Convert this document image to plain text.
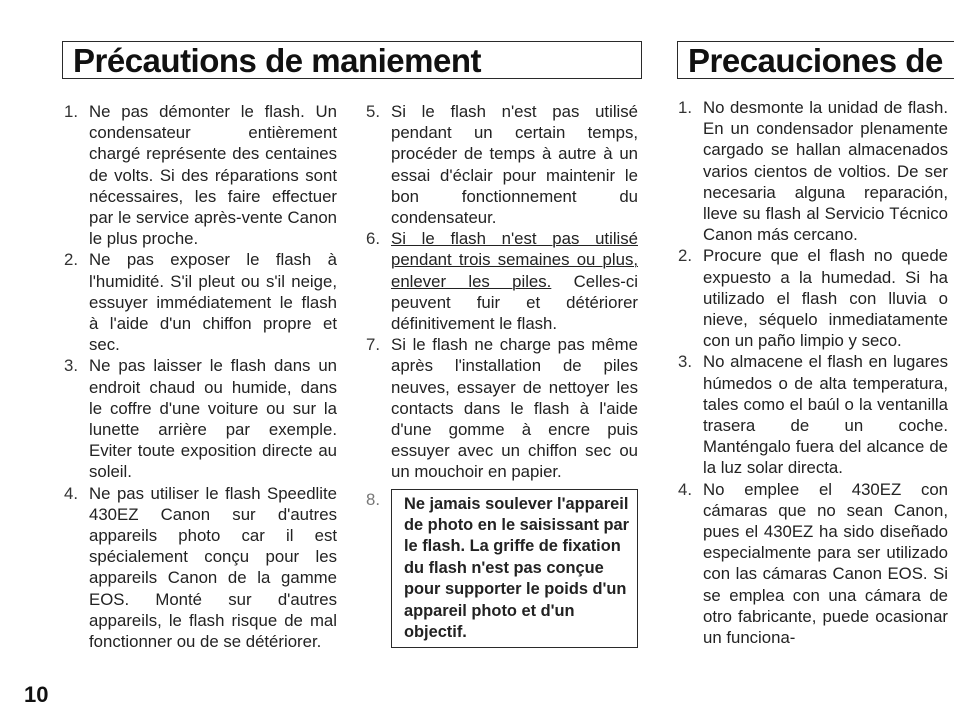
Précautions de maniement	Precauciones de
1. Ne pas démonter le flash. Un condensateur entièrement chargé représente des centaines de volts. Si des réparations sont nécessaires, les faire effectuer par le service après-vente Canon le plus proche.
2. Ne pas exposer le flash à l'humidité. S'il pleut ou s'il neige, essuyer immédiatement le flash à l'aide d'un chiffon propre et sec.
3. Ne pas laisser le flash dans un endroit chaud ou humide, dans le coffre d'une voiture ou sur la lunette arrière par exemple. Eviter toute exposition directe au soleil.
4. Ne pas utiliser le flash Speedlite 430EZ Canon sur d'autres appareils photo car il est spécialement conçu pour les appareils Canon de la gamme EOS. Monté sur d'autres appareils, le flash risque de mal fonctionner ou de se détériorer.
5. Si le flash n'est pas utilisé pendant un certain temps, procéder de temps à autre à un essai d'éclair pour maintenir le bon fonctionnement du condensateur.
6. Si le flash n'est pas utilisé pendant trois semaines ou plus, enlever les piles. Celles-ci peuvent fuir et détériorer définitivement le flash.
7. Si le flash ne charge pas même après l'installation de piles neuves, essayer de nettoyer les contacts dans le flash à l'aide d'une gomme à encre puis essuyer avec un chiffon sec ou un mouchoir en papier.
8.	Ne jamais soulever l'appareil de photo en le saisissant par le flash. La griffe de fixation du flash n'est pas conçue pour supporter le poids d'un appareil photo et d'un objectif.
10
1. No desmonte la unidad de flash. En un condensador plenamente cargado se hallan almacenados varios cientos de voltios. De ser necesaria alguna reparación, lleve su flash al Servicio Técnico Canon más cercano.
2. Procure que el flash no quede expuesto a la humedad. Si ha utilizado el flash con lluvia o nieve, séquelo inmediatamente con un paño limpio y seco.
3. No almacene el flash en lugares húmedos o de alta temperatura, tales como el baúl o la ventanilla trasera de un coche. Manténgalo fuera del alcance de la luz solar directa.
4. No emplee el 430EZ con cámaras que no sean Canon, pues el 430EZ ha sido diseñado especialmente para ser utilizado con las cámaras Canon EOS. Si se emplea con una cámara de otro fabricante, puede ocasionar un funciona-
